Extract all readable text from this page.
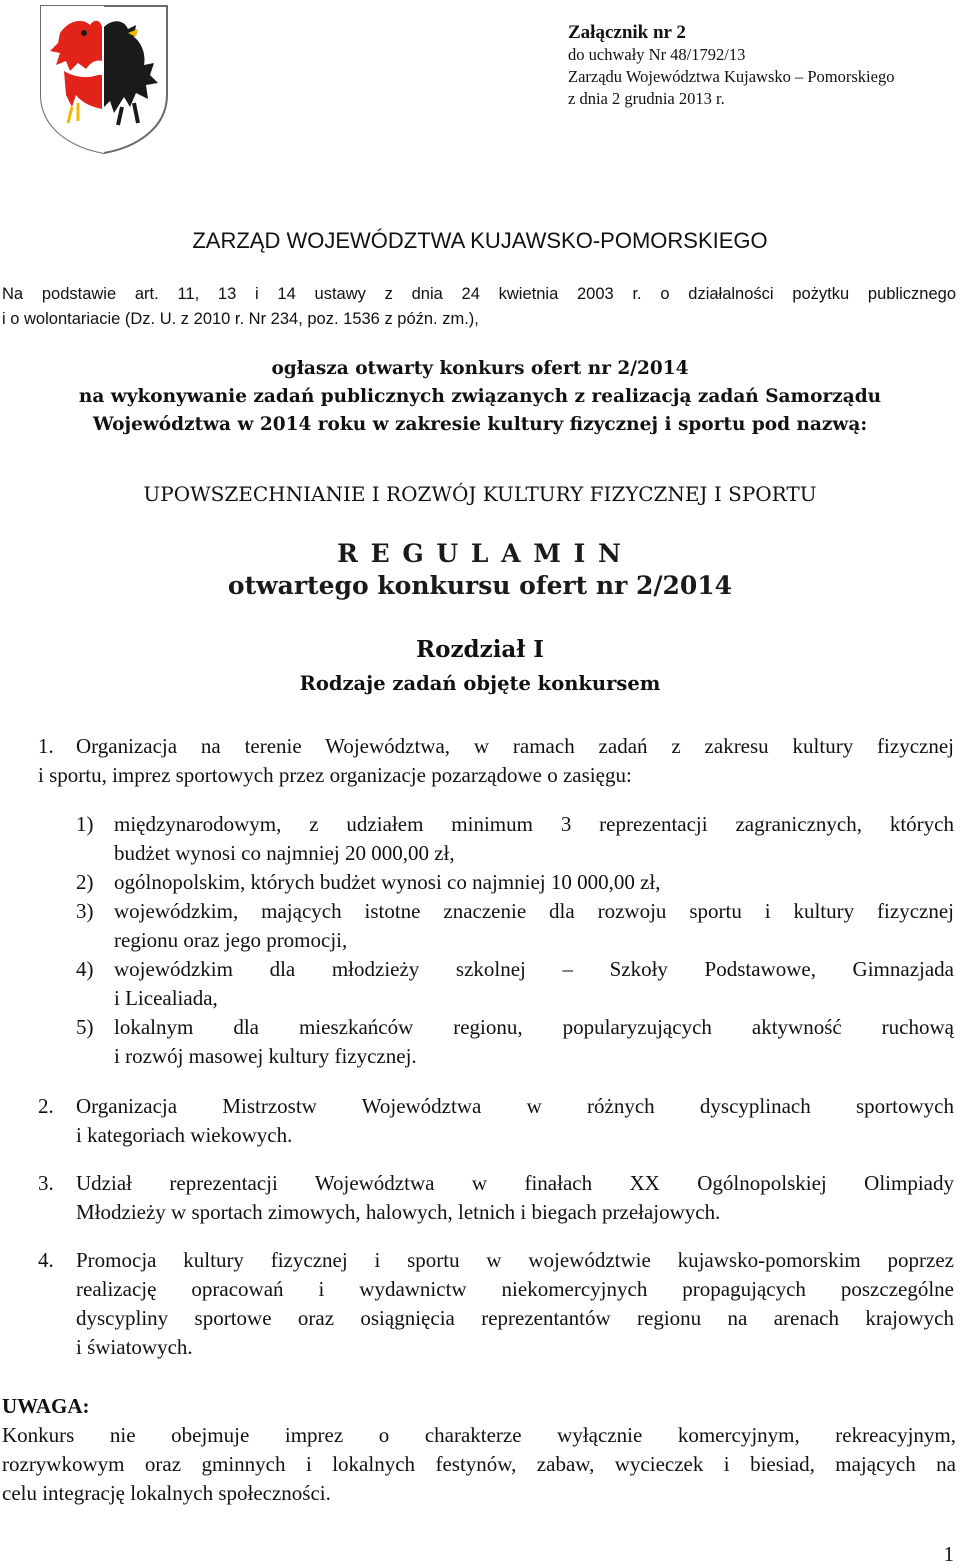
Załącznik nr 2
do uchwały Nr 48/1792/13
Zarządu Województwa Kujawsko – Pomorskiego
z dnia 2 grudnia 2013 r.
ZARZĄD WOJEWÓDZTWA KUJAWSKO-POMORSKIEGO
Na podstawie art. 11, 13 i 14 ustawy z dnia 24 kwietnia 2003 r. o działalności pożytku publicznego
i o wolontariacie (Dz. U. z 2010 r. Nr 234, poz. 1536 z późn. zm.),
ogłasza otwarty konkurs ofert nr 2/2014
na wykonywanie zadań publicznych związanych z realizacją zadań Samorządu
Województwa w 2014 roku w zakresie kultury fizycznej i sportu pod nazwą:
UPOWSZECHNIANIE I ROZWÓJ KULTURY FIZYCZNEJ I SPORTU
R E G U L A M I N
otwartego konkursu ofert nr 2/2014
Rozdział I
Rodzaje zadań objęte konkursem
1. Organizacja na terenie Województwa, w ramach zadań z zakresu kultury fizycznej
i sportu, imprez sportowych przez organizacje pozarządowe o zasięgu:
1) międzynarodowym, z udziałem minimum 3 reprezentacji zagranicznych, których
budżet wynosi co najmniej 20 000,00 zł,
2) ogólnopolskim, których budżet wynosi co najmniej 10 000,00 zł,
3) wojewódzkim, mających istotne znaczenie dla rozwoju sportu i kultury fizycznej
regionu oraz jego promocji,
4) wojewódzkim dla młodzieży szkolnej – Szkoły Podstawowe, Gimnazjada
i Licealiada,
5) lokalnym dla mieszkańców regionu, popularyzujących aktywność ruchową
i rozwój masowej kultury fizycznej.
2. Organizacja Mistrzostw Województwa w różnych dyscyplinach sportowych
i kategoriach wiekowych.
3. Udział reprezentacji Województwa w finałach XX Ogólnopolskiej Olimpiady
Młodzieży w sportach zimowych, halowych, letnich i biegach przełajowych.
4. Promocja kultury fizycznej i sportu w województwie kujawsko-pomorskim poprzez
realizację opracowań i wydawnictw niekomercyjnych propagujących poszczególne
dyscypliny sportowe oraz osiągnięcia reprezentantów regionu na arenach krajowych
i światowych.
UWAGA:
Konkurs nie obejmuje imprez o charakterze wyłącznie komercyjnym, rekreacyjnym,
rozrywkowym oraz gminnych i lokalnych festynów, zabaw, wycieczek i biesiad, mających na
celu integrację lokalnych społeczności.
1
